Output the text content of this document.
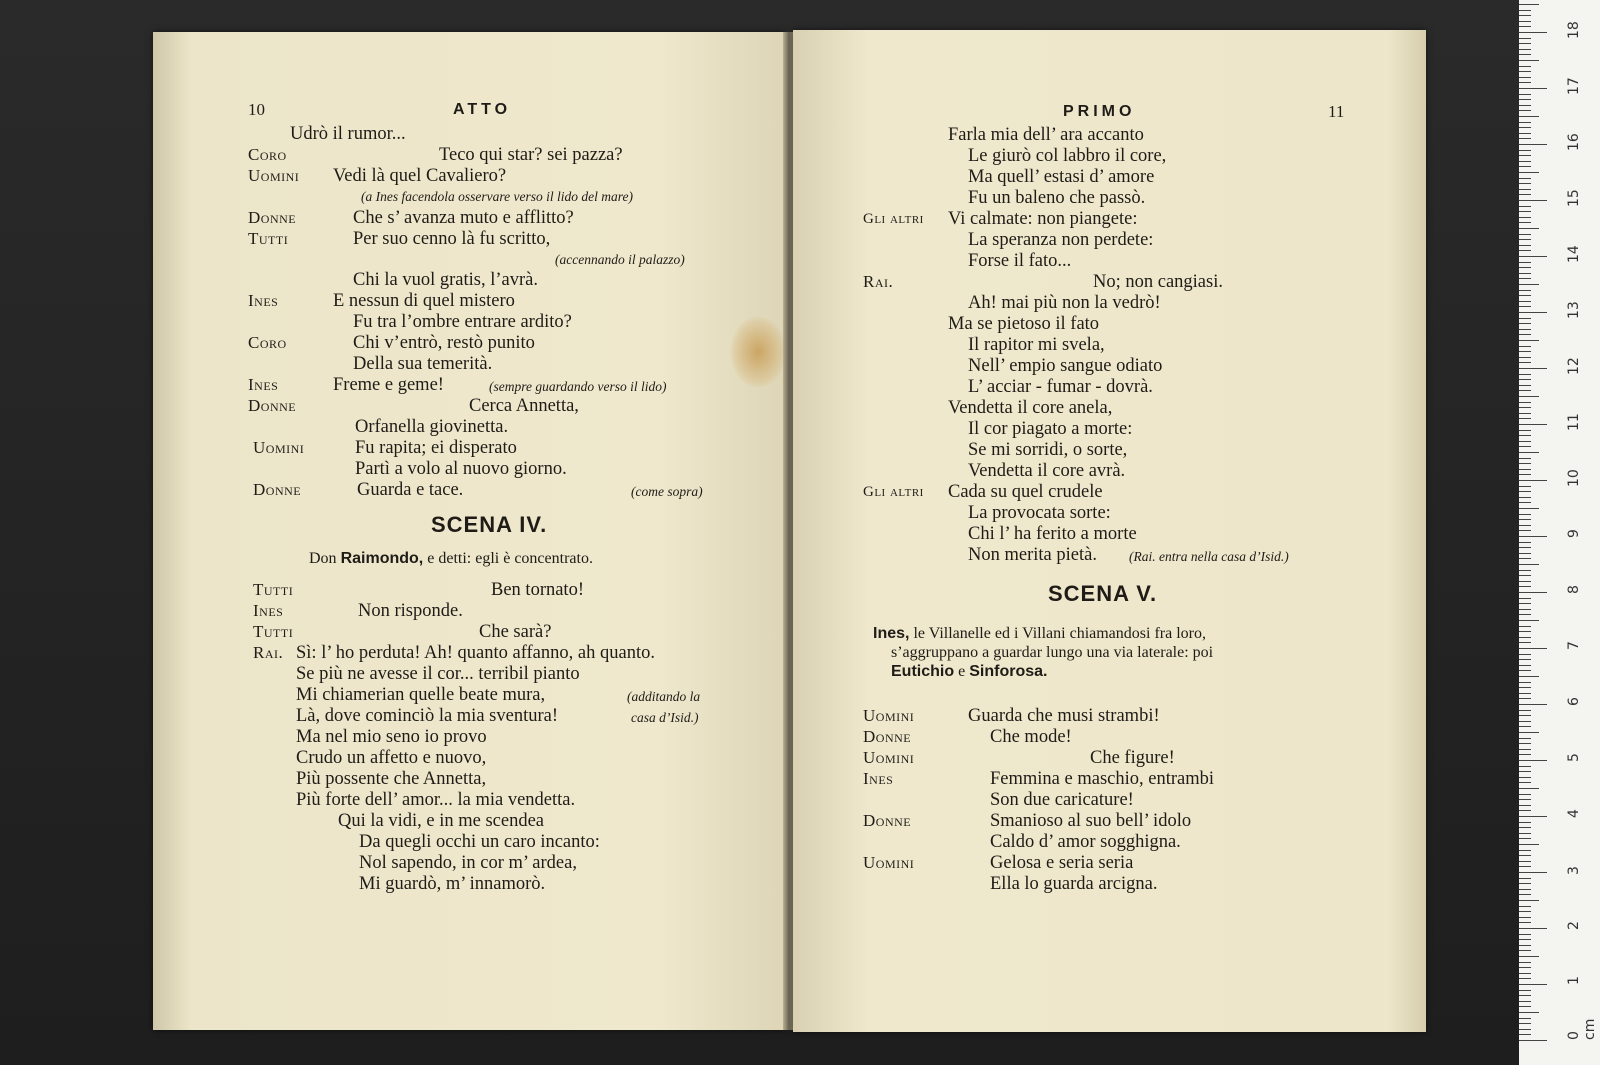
10	ATTO
Udrò il rumor...
Coro	Teco qui star? sei pazza?
Uomini Vedi là quel Cavaliero?
(a Ines facendola osservare verso il lido del mare)
Donne	Che s’ avanza muto e afflitto?
Tutti	Per suo cenno là fu scritto,
(accennando il palazzo)
Chi la vuol gratis, l’avrà.
Ines	E nessun di quel mistero
Fu tra l’ombre entrare ardito?
Coro	Chi v’entrò, restò punito
Della sua temerità.
Ines	Freme e geme!	(sempre guardando verso il lido)
Donne	Cerca Annetta,
Orfanella giovinetta.
Uomini	Fu rapita; ei disperato
Partì a volo al nuovo giorno.
Donne	Guarda e tace.	(come sopra)
SCENA IV.
Don Raimondo, e detti: egli è concentrato.
Tutti	Ben tornato!
Ines	Non risponde.
Tutti	Che sarà?
Rai. Sì: l’ ho perduta! Ah! quanto affanno, ah quanto.
Se più ne avesse il cor... terribil pianto
Mi chiamerian quelle beate mura,	(additando la
Là, dove cominciò la mia sventura!	casa d’Isid.)
Ma nel mio seno io provo
Crudo un affetto e nuovo,
Più possente che Annetta,
Più forte dell’ amor... la mia vendetta.
Qui la vidi, e in me scendea
Da quegli occhi un caro incanto:
Nol sapendo, in cor m’ ardea,
Mi guardò, m’ innamorò.
PRIMO	11
Farla mia dell’ ara accanto
Le giurò col labbro il core,
Ma quell’ estasi d’ amore
Fu un baleno che passò.
Gli altri Vi calmate: non piangete:
La speranza non perdete:
Forse il fato...
Rai.	No; non cangiasi.
Ah! mai più non la vedrò!
Ma se pietoso il fato
Il rapitor mi svela,
Nell’ empio sangue odiato
L’ acciar - fumar - dovrà.
Vendetta il core anela,
Il cor piagato a morte:
Se mi sorridi, o sorte,
Vendetta il core avrà.
Gli altri Cada su quel crudele
La provocata sorte:
Chi l’ ha ferito a morte
Non merita pietà. (Rai. entra nella casa d’Isid.)
SCENA V.
Ines, le Villanelle ed i Villani chiamandosi fra loro,
s’aggruppano a guardar lungo una via laterale: poi
Eutichio e Sinforosa.
Uomini	Guarda che musi strambi!
Donne	Che mode!
Uomini	Che figure!
Ines	Femmina e maschio, entrambi
Son due caricature!
Donne	Smanioso al suo bell’ idolo
Caldo d’ amor sogghigna.
Uomini	Gelosa e seria seria
Ella lo guarda arcigna.
0 cm
1
2
3
4
5
6
7
8
9
10
11
12
13
14
15
16
17
18
